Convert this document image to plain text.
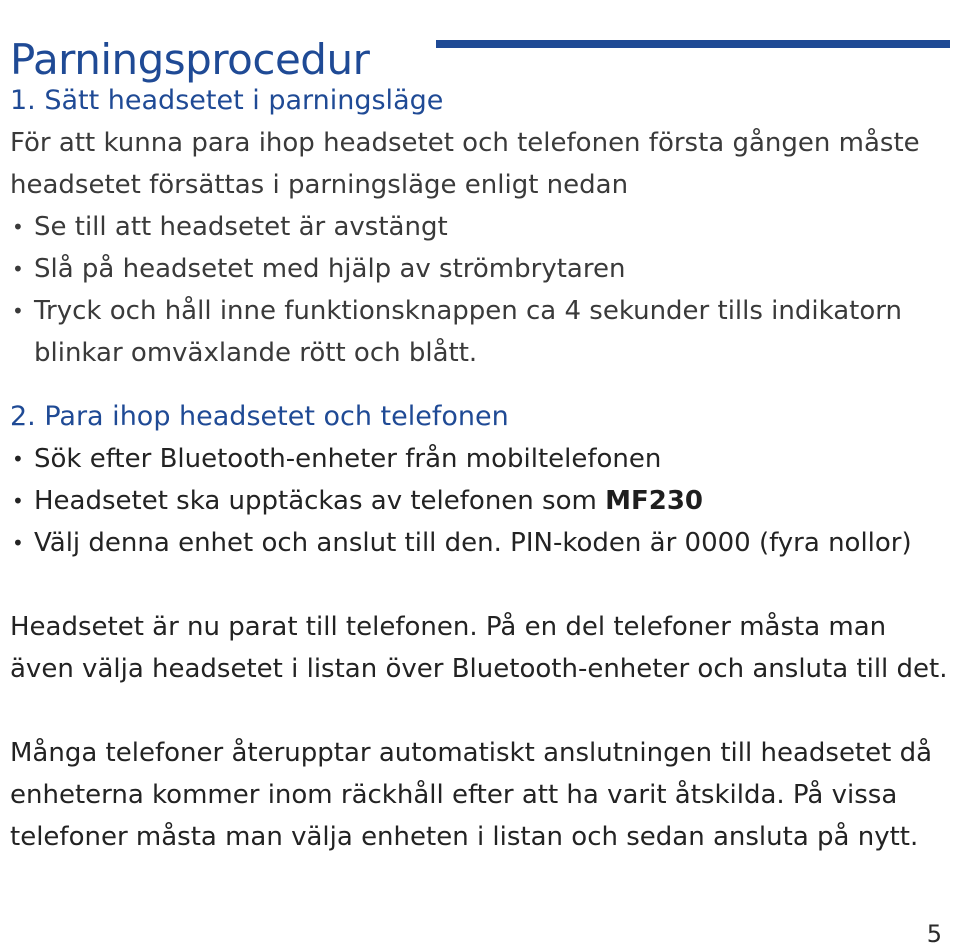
Parningsprocedur
1. Sätt headsetet i parningsläge

För att kunna para ihop headsetet och telefonen första gången måste headsetet försättas i parningsläge enligt nedan

• Se till att headsetet är avstängt
• Slå på headsetet med hjälp av strömbrytaren
• Tryck och håll inne funktionsknappen ca 4 sekunder tills indikatorn blinkar omväxlande rött och blått.
2. Para ihop headsetet och telefonen
• Sök efter Bluetooth-enheter från mobiltelefonen
• Headsetet ska upptäckas av telefonen som MF230
• Välj denna enhet och anslut till den. PIN-koden är 0000 (fyra nollor)

Headsetet är nu parat till telefonen. På en del telefoner måsta man även välja headsetet i listan över Bluetooth-enheter och ansluta till det.

Många telefoner återupptar automatiskt anslutningen till headsetet då enheterna kommer inom räckhåll efter att ha varit åtskilda. På vissa telefoner måsta man välja enheten i listan och sedan ansluta på nytt.

5
